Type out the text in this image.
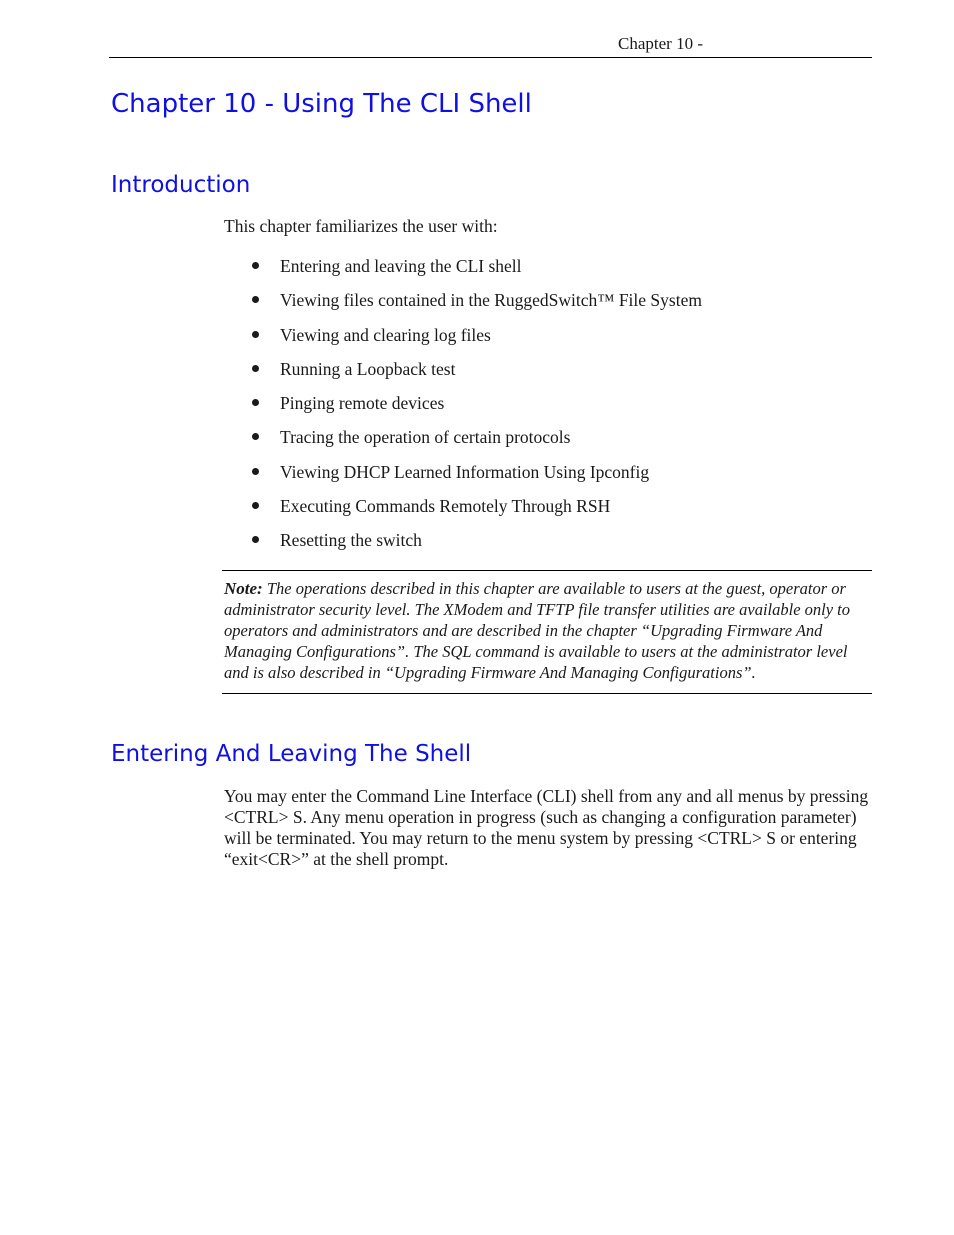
Chapter 10 -
Chapter 10 - Using The CLI Shell
Introduction

This chapter familiarizes the user with:

Entering and leaving the CLI shell
Viewing files contained in the RuggedSwitch™ File System
Viewing and clearing log files
Running a Loopback test
Pinging remote devices
Tracing the operation of certain protocols
Viewing DHCP Learned Information Using Ipconfig
Executing Commands Remotely Through RSH
Resetting the switch

Note: The operations described in this chapter are available to users at the guest, operator or administrator security level. The XModem and TFTP file transfer utilities are available only to operators and administrators and are described in the chapter “Upgrading Firmware And Managing Configurations”. The SQL command is available to users at the administrator level and is also described in “Upgrading Firmware And Managing Configurations”.

Entering And Leaving The Shell

You may enter the Command Line Interface (CLI) shell from any and all menus by pressing <CTRL> S. Any menu operation in progress (such as changing a configuration parameter) will be terminated. You may return to the menu system by pressing <CTRL> S or entering “exit<CR>” at the shell prompt.
